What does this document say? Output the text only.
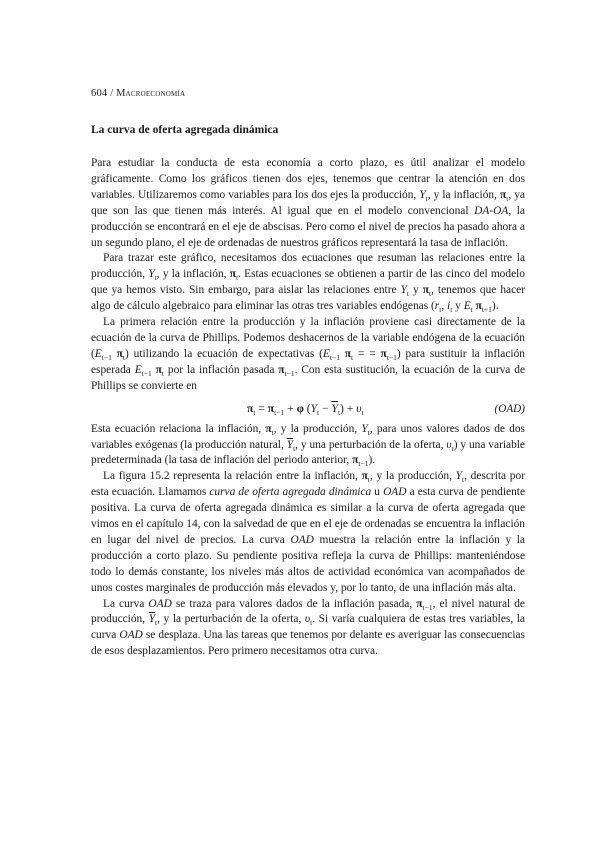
604 / Macroeconomía
La curva de oferta agregada dinámica

Para estudiar la conducta de esta economía a corto plazo, es útil analizar el modelo gráficamente. Como los gráficos tienen dos ejes, tenemos que centrar la atención en dos variables. Utilizaremos como variables para los dos ejes la producción, $Y_t$, y la inflación, $\pi_t$, ya que son las que tienen más interés. Al igual que en el modelo convencional DA-OA, la producción se encontrará en el eje de abscisas. Pero como el nivel de precios ha pasado ahora a un segundo plano, el eje de ordenadas de nuestros gráficos representará la tasa de inflación.

Para trazar este gráfico, necesitamos dos ecuaciones que resuman las relaciones entre la producción, $Y_t$, y la inflación, $\pi_t$. Estas ecuaciones se obtienen a partir de las cinco del modelo que ya hemos visto. Sin embargo, para aislar las relaciones entre $Y_t$ y $\pi_t$, tenemos que hacer algo de cálculo algebraico para eliminar las otras tres variables endógenas ($r_t$, $i_t$ y $E_t$ $\pi_{t+1}$).

La primera relación entre la producción y la inflación proviene casi directamente de la ecuación de la curva de Phillips. Podemos deshacernos de la variable endógena de la ecuación ($E_{t-1}$ $\pi_t$) utilizando la ecuación de expectativas ($E_{t-1}$ $\pi_t$ = = $\pi_{t-1}$) para sustituir la inflación esperada $E_{t-1}$ $\pi_t$ por la inflación pasada $\pi_{t-1}$. Con esta sustitución, la ecuación de la curva de Phillips se convierte en

$\pi_t = \pi_{t-1} + \varphi$ $(Y_t - \overline{Y}_t) + \upsilon_t$	(OAD)

Esta ecuación relaciona la inflación, $\pi_t$, y la producción, $Y_t$, para unos valores dados de dos variables exógenas (la producción natural, $\overline{Y}_t$, y una perturbación de la oferta, $\upsilon_t$) y una variable predeterminada (la tasa de inflación del periodo anterior, $\pi_{t-1}$).

La figura 15.2 representa la relación entre la inflación, $\pi_t$, y la producción, $Y_t$, descrita por esta ecuación. Llamamos curva de oferta agregada dinámica u OAD a esta curva de pendiente positiva. La curva de oferta agregada dinámica es similar a la curva de oferta agregada que vimos en el capítulo 14, con la salvedad de que en el eje de ordenadas se encuentra la inflación en lugar del nivel de precios. La curva OAD muestra la relación entre la inflación y la producción a corto plazo. Su pendiente positiva refleja la curva de Phillips: manteniéndose todo lo demás constante, los niveles más altos de actividad económica van acompañados de unos costes marginales de producción más elevados y, por lo tanto, de una inflación más alta.

La curva OAD se traza para valores dados de la inflación pasada, $\pi_{t-1}$, el nivel natural de producción, $\overline{Y}_t$, y la perturbación de la oferta, $\upsilon_t$. Si varía cualquiera de estas tres variables, la curva OAD se desplaza. Una las tareas que tenemos por delante es averiguar las consecuencias de esos desplazamientos. Pero primero necesitamos otra curva.
